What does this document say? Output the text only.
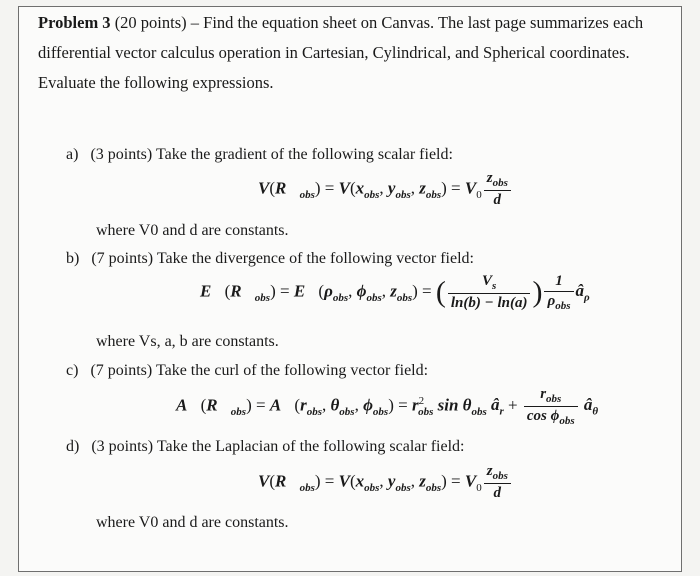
Problem 3 (20 points) – Find the equation sheet on Canvas. The last page summarizes each differential vector calculus operation in Cartesian, Cylindrical, and Spherical coordinates. Evaluate the following expressions.
a) (3 points) Take the gradient of the following scalar field:
$V(R⃗_{obs}) = V(x_{obs}$, $y_{obs}$, $z_{obs}) = V_0 \frac{z_{obs}}{d}$
where V0 and d are constants.
b) (7 points) Take the divergence of the following vector field:
$E⃗(R⃗_{obs})$ = $E⃗(\rho_{obs}$, $\phi_{obs}$, $z_{obs}$) = ( $\frac{V_s}{\ln(b) - \ln(a)}$ ) $\frac{1}{\rho_{obs}}$ $â_\rho$
where Vs, a, b are constants.
c) (7 points) Take the curl of the following vector field:
$A⃗(R⃗_{obs})$ = $A⃗(r_{obs}$, $\theta_{obs}$, $\phi_{obs}) = r^2_{obs}$ $\sin \theta_{obs}$ $â_r + \frac{r_{obs}}{\cos \phi_{obs}}$ $â_\theta$
d) (3 points) Take the Laplacian of the following scalar field:
$V(R⃗_{obs}) = V(x_{obs}$, $y_{obs}$, $z_{obs}) = V_0 \frac{z_{obs}}{d}$
where V0 and d are constants.
